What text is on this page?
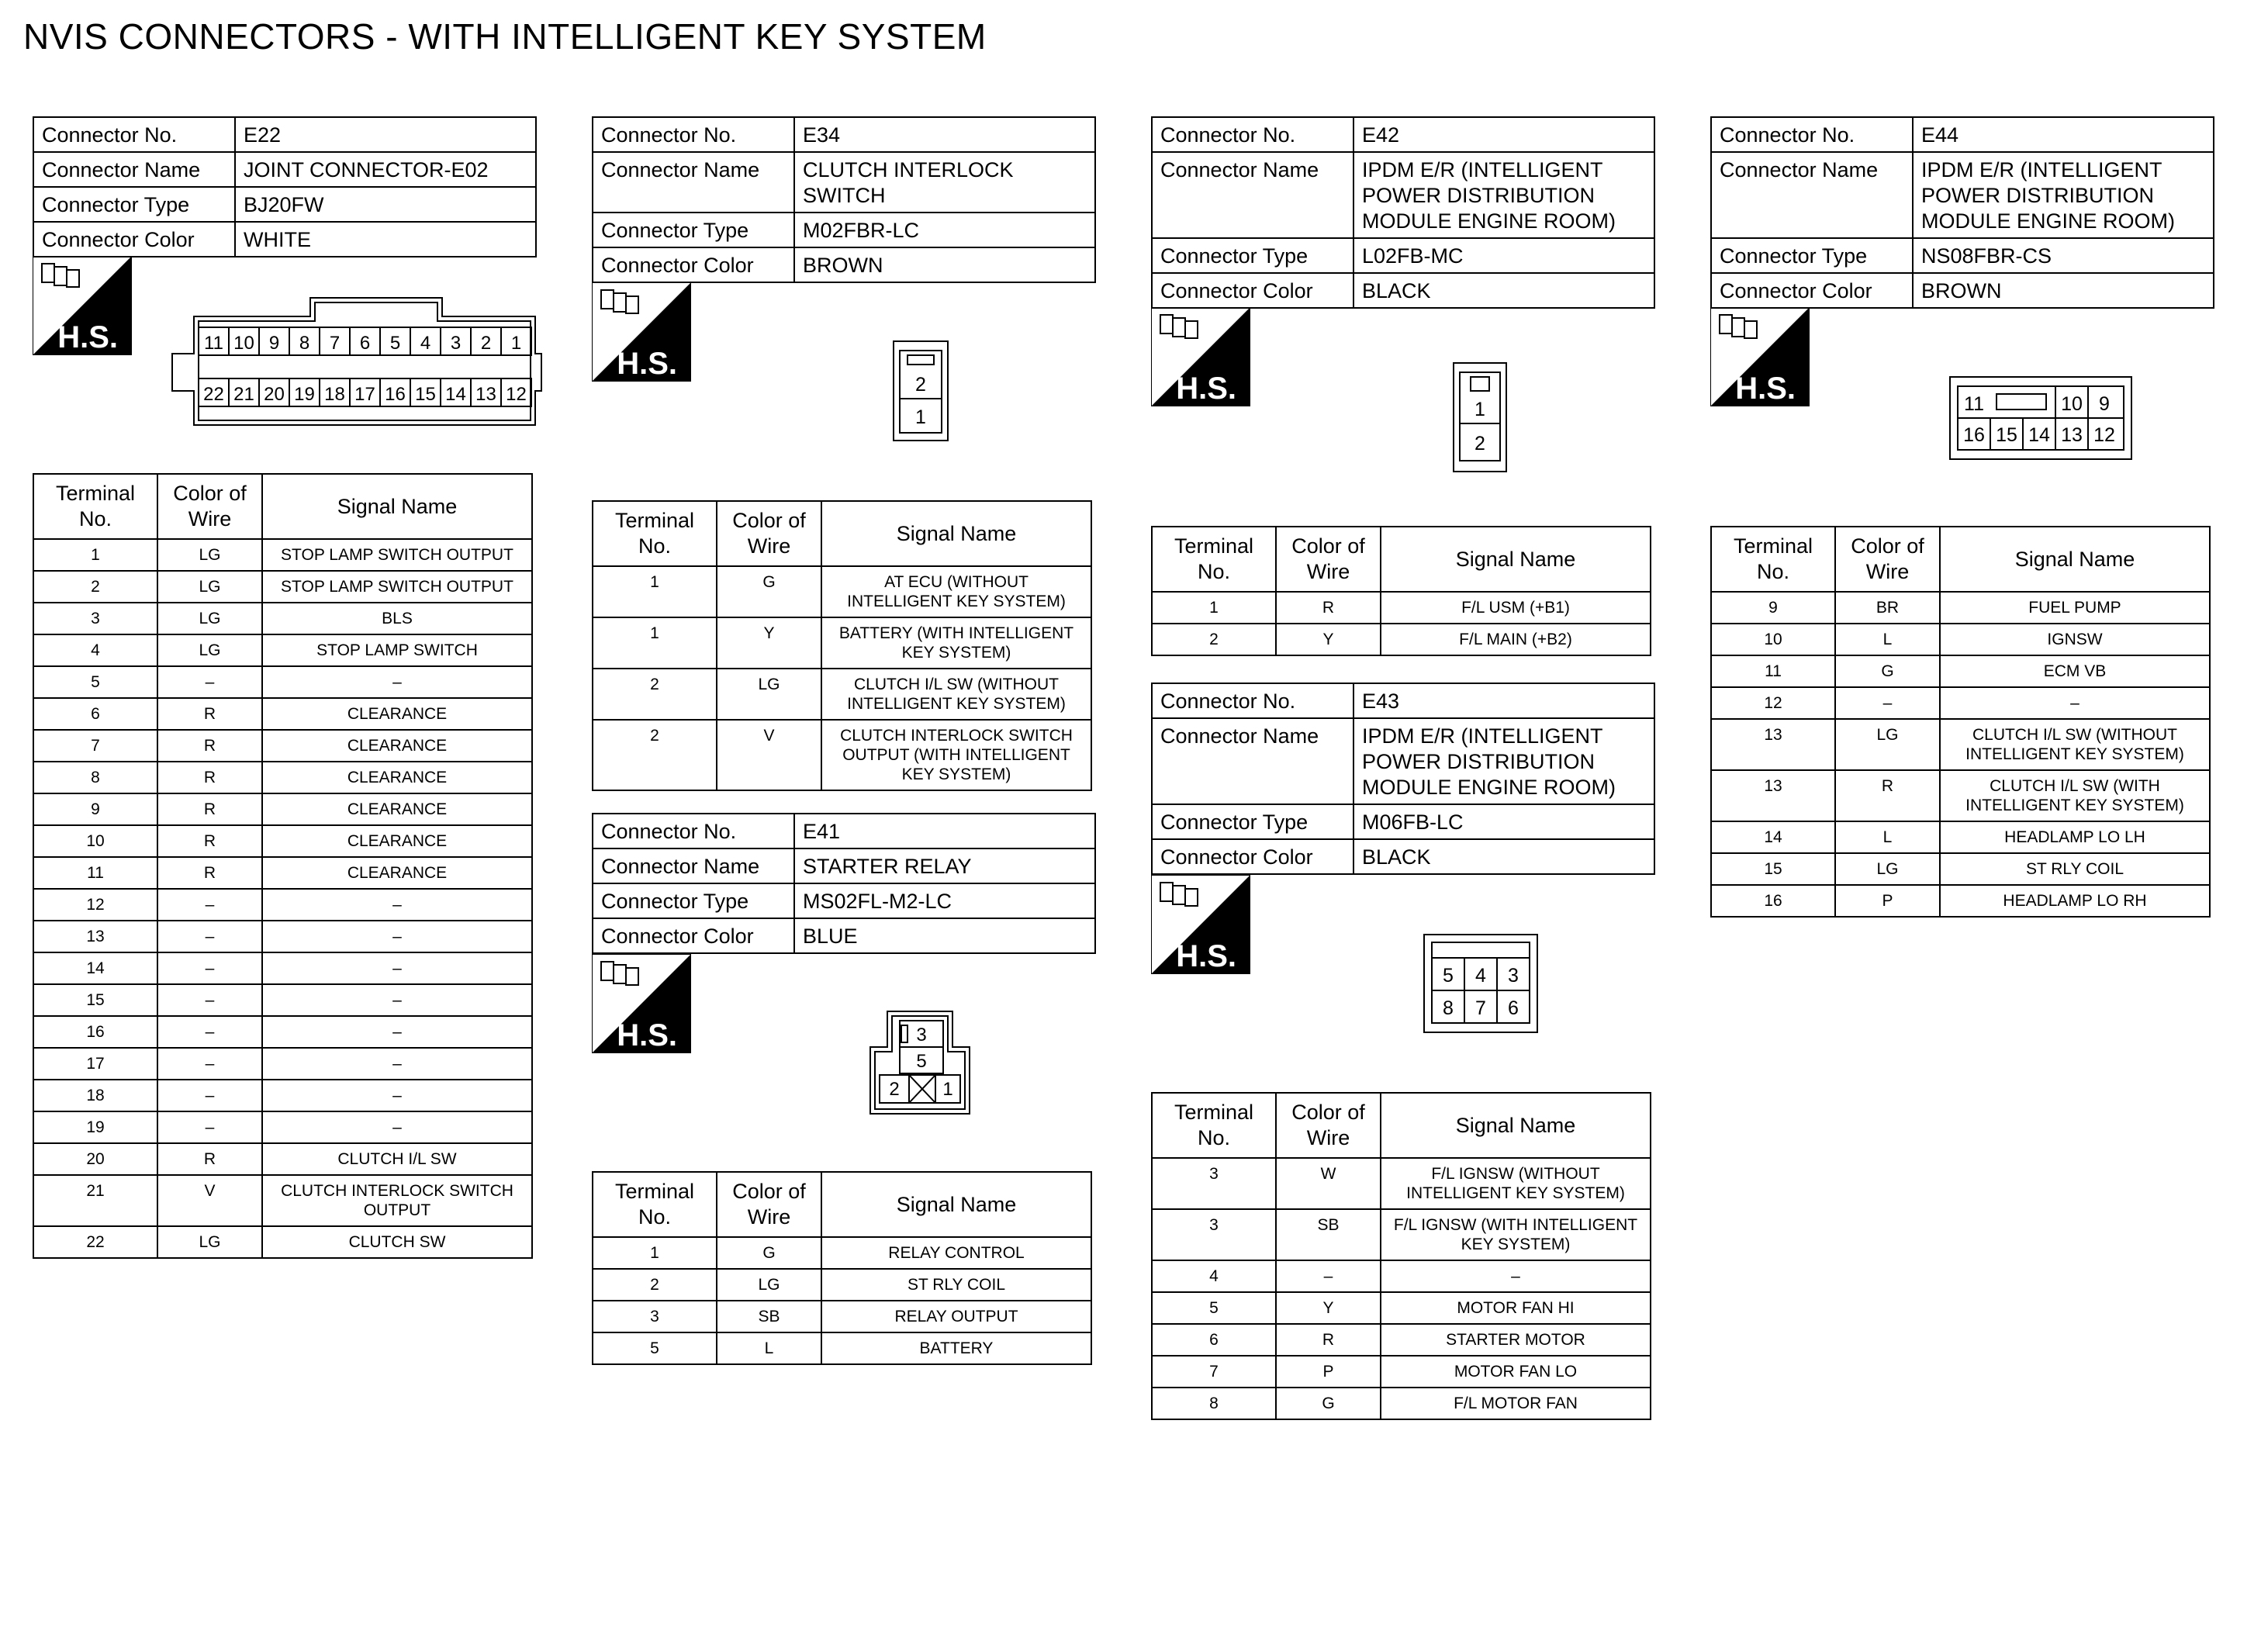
NVIS CONNECTORS - WITH INTELLIGENT KEY SYSTEM
Connector No.	E22
Connector Name	JOINT CONNECTOR-E02
Connector Type	BJ20FW
Connector Color	WHITE
H.S.	11 10 9 8 7 6 5 4 3 2 1
22 21 20 19 18 17 16 15 14 13 12
Terminal No.	Color of Wire	Signal Name
1	LG	STOP LAMP SWITCH OUTPUT
2	LG	STOP LAMP SWITCH OUTPUT
3	LG	BLS
4	LG	STOP LAMP SWITCH
5	–	–
6	R	CLEARANCE
7	R	CLEARANCE
8	R	CLEARANCE
9	R	CLEARANCE
10	R	CLEARANCE
11	R	CLEARANCE
12	–	–
13	–	–
14	–	–
15	–	–
16	–	–
17	–	–
18	–	–
19	–	–
20	R	CLUTCH I/L SW
21	V	CLUTCH INTERLOCK SWITCH OUTPUT
22	LG	CLUTCH SW
Connector No.	E34
Connector Name	CLUTCH INTERLOCK SWITCH
Connector Type	M02FBR-LC
Connector Color	BROWN
H.S.
2
1
Terminal No.	Color of Wire	Signal Name
1	G	AT ECU (WITHOUT INTELLIGENT KEY SYSTEM)
1	Y	BATTERY (WITH INTELLIGENT KEY SYSTEM)
2	LG	CLUTCH I/L SW (WITHOUT INTELLIGENT KEY SYSTEM)
2	V	CLUTCH INTERLOCK SWITCH OUTPUT (WITH INTELLIGENT KEY SYSTEM)
Connector No.	E41
Connector Name	STARTER RELAY
Connector Type	MS02FL-M2-LC
Connector Color	BLUE
H.S.	3
5
2 1
Terminal No.	Color of Wire	Signal Name
1	G	RELAY CONTROL
2	LG	ST RLY COIL
3	SB	RELAY OUTPUT
5	L	BATTERY
Connector No.	E42
Connector Name	IPDM E/R (INTELLIGENT POWER DISTRIBUTION MODULE ENGINE ROOM)
Connector Type	L02FB-MC
Connector Color	BLACK
H.S.
1
2
Terminal No.	Color of Wire	Signal Name
1	R	F/L USM (+B1)
2	Y	F/L MAIN (+B2)
Connector No.	E43
Connector Name	IPDM E/R (INTELLIGENT POWER DISTRIBUTION MODULE ENGINE ROOM)
Connector Type	M06FB-LC
Connector Color	BLACK
H.S.
5 4 3
8 7 6
Terminal No.	Color of Wire	Signal Name
3	W	F/L IGNSW (WITHOUT INTELLIGENT KEY SYSTEM)
3	SB	F/L IGNSW (WITH INTELLIGENT KEY SYSTEM)
4	–	–
5	Y	MOTOR FAN HI
6	R	STARTER MOTOR
7	P	MOTOR FAN LO
8	G	F/L MOTOR FAN
Connector No.	E44
Connector Name	IPDM E/R (INTELLIGENT POWER DISTRIBUTION MODULE ENGINE ROOM)
Connector Type	NS08FBR-CS
Connector Color	BROWN
H.S.	11	10 9
16 15 14 13 12
Terminal No.	Color of Wire	Signal Name
9	BR	FUEL PUMP
10	L	IGNSW
11	G	ECM VB
12	–	–
13	LG	CLUTCH I/L SW (WITHOUT INTELLIGENT KEY SYSTEM)
13	R	CLUTCH I/L SW (WITH INTELLIGENT KEY SYSTEM)
14	L	HEADLAMP LO LH
15	LG	ST RLY COIL
16	P	HEADLAMP LO RH
